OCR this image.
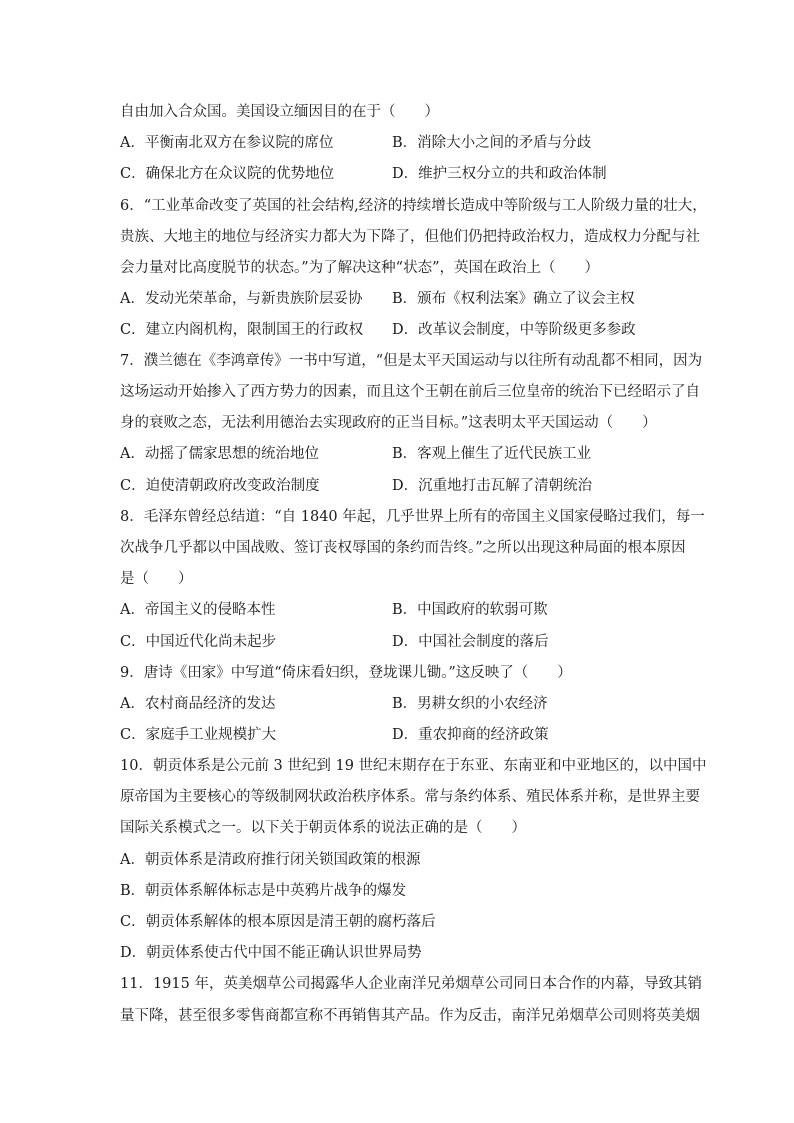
自由加入合众国。美国设立缅因目的在于（　　）
A．平衡南北双方在参议院的席位	B．消除大小之间的矛盾与分歧
C．确保北方在众议院的优势地位	D．维护三权分立的共和政治体制
6．“工业革命改变了英国的社会结构,经济的持续增长造成中等阶级与工人阶级力量的壮大，
贵族、大地主的地位与经济实力都大为下降了，但他们仍把持政治权力，造成权力分配与社
会力量对比高度脱节的状态。”为了解决这种“状态”，英国在政治上（　　）
A．发动光荣革命，与新贵族阶层妥协 B．颁布《权利法案》确立了议会主权
C．建立内阁机构，限制国王的行政权 D．改革议会制度，中等阶级更多参政
7．濮兰德在《李鸿章传》一书中写道，“但是太平天国运动与以往所有动乱都不相同，因为
这场运动开始掺入了西方势力的因素，而且这个王朝在前后三位皇帝的统治下已经昭示了自
身的衰败之态，无法利用德治去实现政府的正当目标。”这表明太平天国运动（　　）
A．动摇了儒家思想的统治地位	B．客观上催生了近代民族工业
C．迫使清朝政府改变政治制度	D．沉重地打击瓦解了清朝统治
8．毛泽东曾经总结道：“自 1840 年起，几乎世界上所有的帝国主义国家侵略过我们，每一
次战争几乎都以中国战败、签订丧权辱国的条约而告终。”之所以出现这种局面的根本原因
是（　　）
A．帝国主义的侵略本性	B．中国政府的软弱可欺
C．中国近代化尚未起步	D．中国社会制度的落后
9．唐诗《田家》中写道“倚床看妇织，登垅课儿锄。”这反映了（　　）
A．农村商品经济的发达	B．男耕女织的小农经济
C．家庭手工业规模扩大	D．重农抑商的经济政策
10．朝贡体系是公元前 3 世纪到 19 世纪末期存在于东亚、东南亚和中亚地区的，以中国中
原帝国为主要核心的等级制网状政治秩序体系。常与条约体系、殖民体系并称，是世界主要
国际关系模式之一。以下关于朝贡体系的说法正确的是（　　）
A．朝贡体系是清政府推行闭关锁国政策的根源
B．朝贡体系解体标志是中英鸦片战争的爆发
C．朝贡体系解体的根本原因是清王朝的腐朽落后
D．朝贡体系使古代中国不能正确认识世界局势
11．1915 年，英美烟草公司揭露华人企业南洋兄弟烟草公司同日本合作的内幕，导致其销
量下降，甚至很多零售商都宣称不再销售其产品。作为反击，南洋兄弟烟草公司则将英美烟
